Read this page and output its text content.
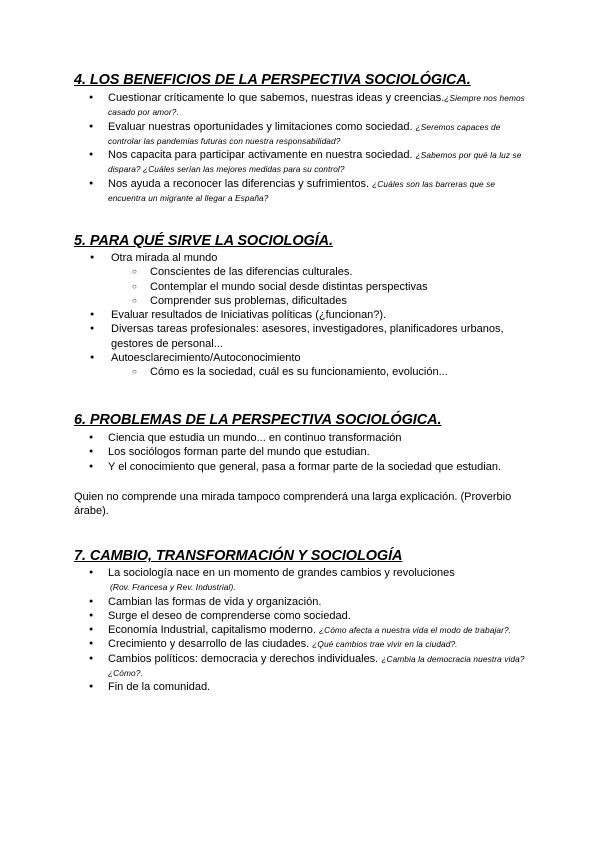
4. LOS BENEFICIOS DE LA PERSPECTIVA SOCIOLÓGICA.
● Cuestionar críticamente lo que sabemos, nuestras ideas y creencias.¿Siempre nos hemos casado por amor?.
● Evaluar nuestras oportunidades y limitaciones como sociedad. ¿Seremos capaces de controlar las pandemias futuras con nuestra responsabilidad?
● Nos capacita para participar activamente en nuestra sociedad. ¿Sabemos por qué la luz se dispara? ¿Cuáles serían las mejores medidas para su control?
● Nos ayuda a reconocer las diferencias y sufrimientos. ¿Cuáles son las barreras que se encuentra un migrante al llegar a España?
5. PARA QUÉ SIRVE LA SOCIOLOGÍA.
● Otra mirada al mundo
○ Conscientes de las diferencias culturales.
○ Contemplar el mundo social desde distintas perspectivas
○ Comprender sus problemas, dificultades
● Evaluar resultados de Iniciativas políticas (¿funcionan?).
● Diversas tareas profesionales: asesores, investigadores, planificadores urbanos, gestores de personal...
● Autoesclarecimiento/Autoconocimiento
○ Cómo es la sociedad, cuál es su funcionamiento, evolución...
6. PROBLEMAS DE LA PERSPECTIVA SOCIOLÓGICA.
● Ciencia que estudia un mundo... en continuo transformación
● Los sociólogos forman parte del mundo que estudian.
● Y el conocimiento que general, pasa a formar parte de la sociedad que estudian.
Quien no comprende una mirada tampoco comprenderá una larga explicación. (Proverbio árabe).
7. CAMBIO, TRANSFORMACIÓN Y SOCIOLOGÍA
● La sociología nace en un momento de grandes cambios y revoluciones
(Rov. Francesa y Rev. Industrial).
● Cambian las formas de vida y organización.
● Surge el deseo de comprenderse como sociedad.
● Economía Industrial, capitalismo moderno. ¿Cómo afecta a nuestra vida el modo de trabajar?.
● Crecimiento y desarrollo de las ciudades. ¿Qué cambios trae vivir en la ciudad?.
● Cambios políticos: democracia y derechos individuales. ¿Cambia la democracia nuestra vida? ¿Cómo?.
● Fin de la comunidad.
